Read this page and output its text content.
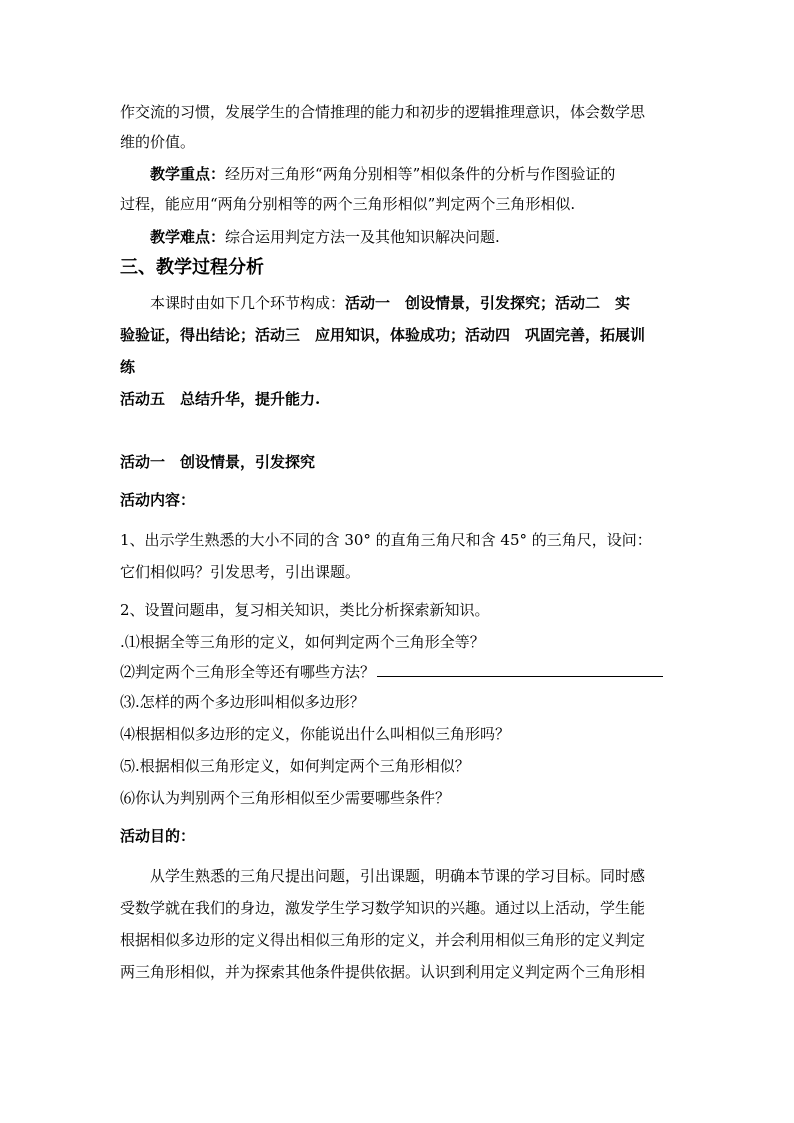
作交流的习惯，发展学生的合情推理的能力和初步的逻辑推理意识，体会数学思
维的价值。
教学重点：经历对三角形“两角分别相等”相似条件的分析与作图验证的
过程，能应用“两角分别相等的两个三角形相似”判定两个三角形相似.
教学难点：综合运用判定方法一及其他知识解决问题.
三、教学过程分析
本课时由如下几个环节构成：活动一　创设情景，引发探究；活动二　实
验验证，得出结论；活动三　应用知识，体验成功；活动四　巩固完善，拓展训
练
活动五　总结升华，提升能力.
活动一　创设情景，引发探究
活动内容：
1、出示学生熟悉的大小不同的含 30° 的直角三角尺和含 45° 的三角尺，设问：
它们相似吗？引发思考，引出课题。
2、设置问题串，复习相关知识，类比分析探索新知识。
.⑴根据全等三角形的定义，如何判定两个三角形全等？
⑵判定两个三角形全等还有哪些方法？
⑶.怎样的两个多边形叫相似多边形？
⑷根据相似多边形的定义，你能说出什么叫相似三角形吗？
⑸.根据相似三角形定义，如何判定两个三角形相似？
⑹你认为判别两个三角形相似至少需要哪些条件？
活动目的：
从学生熟悉的三角尺提出问题，引出课题，明确本节课的学习目标。同时感
受数学就在我们的身边，激发学生学习数学知识的兴趣。通过以上活动，学生能
根据相似多边形的定义得出相似三角形的定义，并会利用相似三角形的定义判定
两三角形相似，并为探索其他条件提供依据。认识到利用定义判定两个三角形相
